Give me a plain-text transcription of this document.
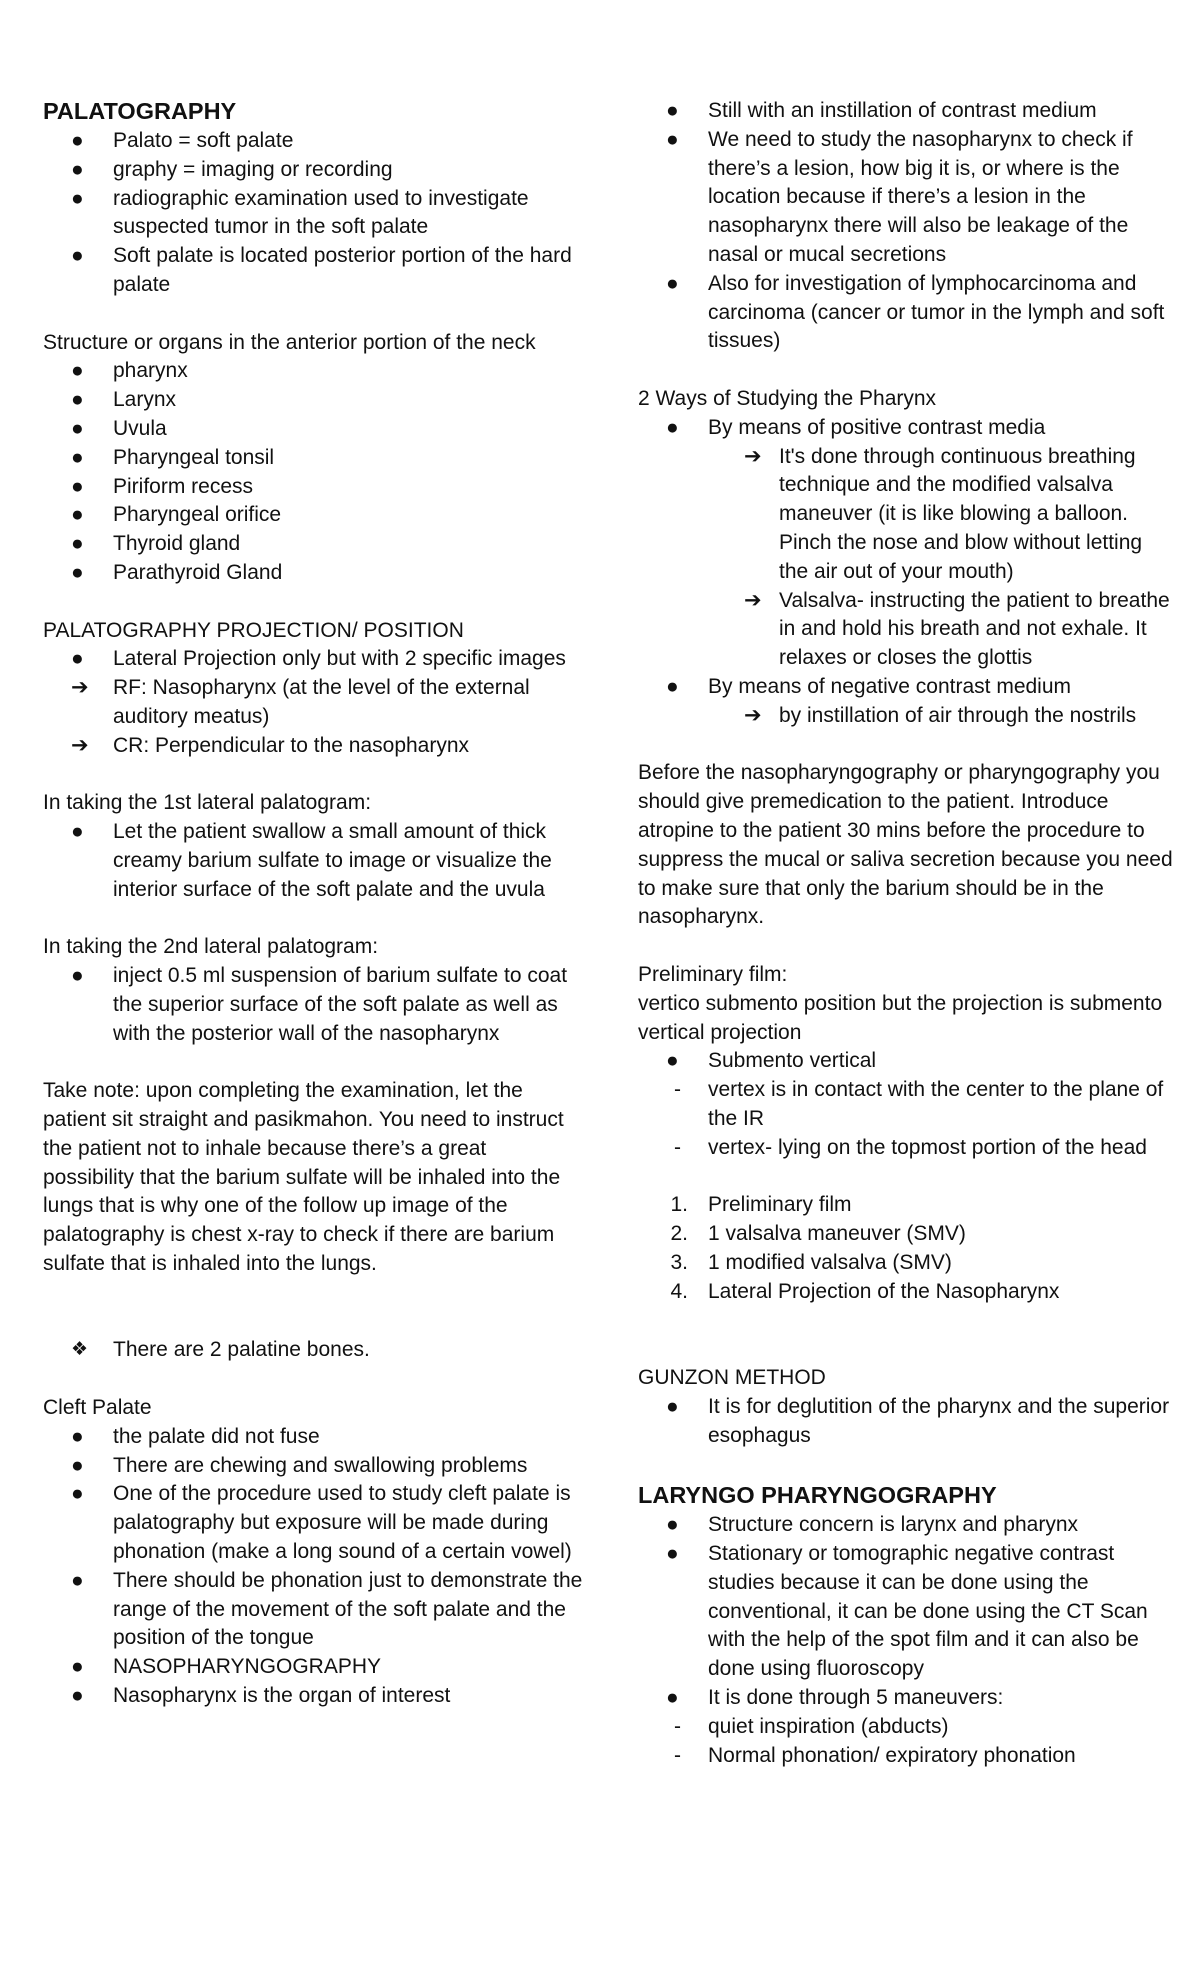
PALATOGRAPHY
●	Palato = soft palate
●	graphy = imaging or recording
●	radiographic examination used to investigate suspected tumor in the soft palate
●	Soft palate is located posterior portion of the hard palate

Structure or organs in the anterior portion of the neck

●	pharynx
●	Larynx
●	Uvula
●	Pharyngeal tonsil
●	Piriform recess
●	Pharyngeal orifice
●	Thyroid gland
●	Parathyroid Gland

PALATOGRAPHY PROJECTION/ POSITION

●	Lateral Projection only but with 2 specific images
➔	RF: Nasopharynx (at the level of the external auditory meatus)
➔	CR: Perpendicular to the nasopharynx

In taking the 1st lateral palatogram:

●	Let the patient swallow a small amount of thick creamy barium sulfate to image or visualize the interior surface of the soft palate and the uvula

In taking the 2nd lateral palatogram:

●	inject 0.5 ml suspension of barium sulfate to coat the superior surface of the soft palate as well as with the posterior wall of the nasopharynx

Take note: upon completing the examination, let the patient sit straight and pasikmahon. You need to instruct the patient not to inhale because there’s a great possibility that the barium sulfate will be inhaled into the lungs that is why one of the follow up image of the palatography is chest x-ray to check if there are barium sulfate that is inhaled into the lungs.

❖	There are 2 palatine bones.

Cleft Palate

●	the palate did not fuse
●	There are chewing and swallowing problems
●	One of the procedure used to study cleft palate is palatography but exposure will be made during phonation (make a long sound of a certain vowel)
●	There should be phonation just to demonstrate the range of the movement of the soft palate and the position of the tongue
●	NASOPHARYNGOGRAPHY
●	Nasopharynx is the organ of interest
●	Still with an instillation of contrast medium
●	We need to study the nasopharynx to check if there’s a lesion, how big it is, or where is the location because if there’s a lesion in the nasopharynx there will also be leakage of the nasal or mucal secretions
●	Also for investigation of lymphocarcinoma and carcinoma (cancer or tumor in the lymph and soft tissues)

2 Ways of Studying the Pharynx

●	By means of positive contrast media
➔ It's done through continuous breathing technique and the modified valsalva maneuver (it is like blowing a balloon. Pinch the nose and blow without letting the air out of your mouth)
➔ Valsalva- instructing the patient to breathe in and hold his breath and not exhale. It relaxes or closes the glottis
●	By means of negative contrast medium
➔ by instillation of air through the nostrils

Before the nasopharyngography or pharyngography you should give premedication to the patient. Introduce atropine to the patient 30 mins before the procedure to suppress the mucal or saliva secretion because you need to make sure that only the barium should be in the nasopharynx.

Preliminary film:

vertico submento position but the projection is submento vertical projection

●	Submento vertical
-	vertex is in contact with the center to the plane of the IR
-	vertex- lying on the topmost portion of the head
1. Preliminary film
2. 1 valsalva maneuver (SMV)
3. 1 modified valsalva (SMV)
4. Lateral Projection of the Nasopharynx

GUNZON METHOD

●	It is for deglutition of the pharynx and the superior esophagus
LARYNGO PHARYNGOGRAPHY
●	Structure concern is larynx and pharynx
●	Stationary or tomographic negative contrast studies because it can be done using the conventional, it can be done using the CT Scan with the help of the spot film and it can also be done using fluoroscopy
●	It is done through 5 maneuvers:
-	quiet inspiration (abducts)
-	Normal phonation/ expiratory phonation
